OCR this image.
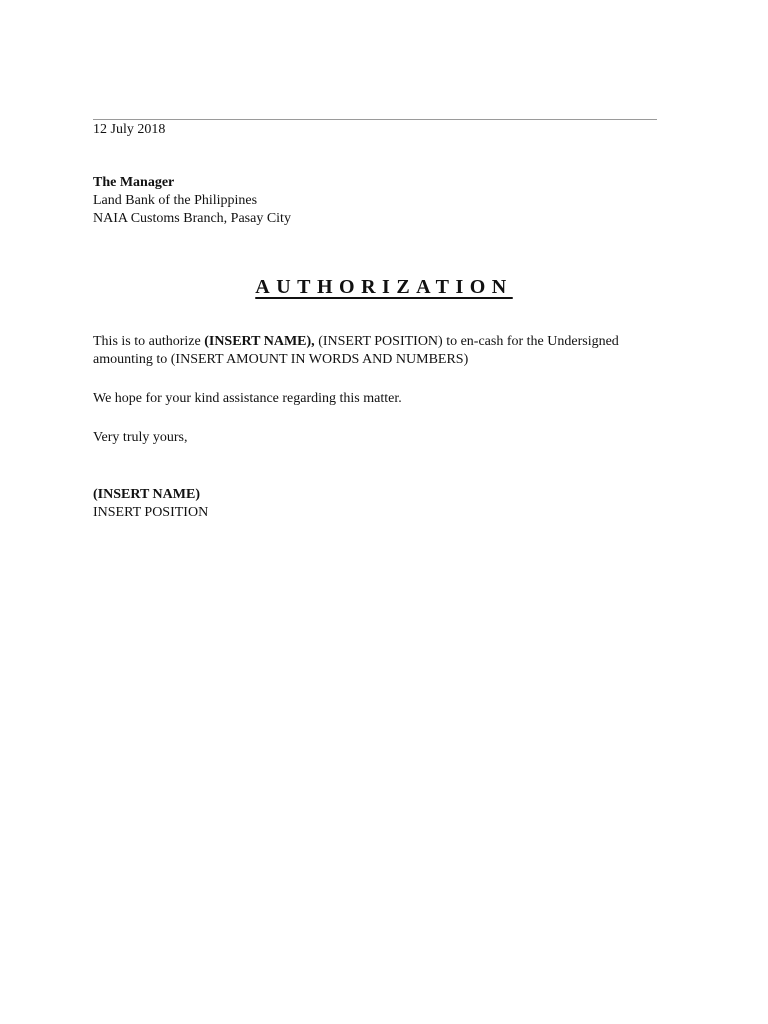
12 July 2018
The Manager
Land Bank of the Philippines
NAIA Customs Branch, Pasay City
AUTHORIZATION
This is to authorize (INSERT NAME), (INSERT POSITION) to en-cash for the Undersigned
amounting to (INSERT AMOUNT IN WORDS AND NUMBERS)
We hope for your kind assistance regarding this matter.
Very truly yours,
(INSERT NAME)
INSERT POSITION
